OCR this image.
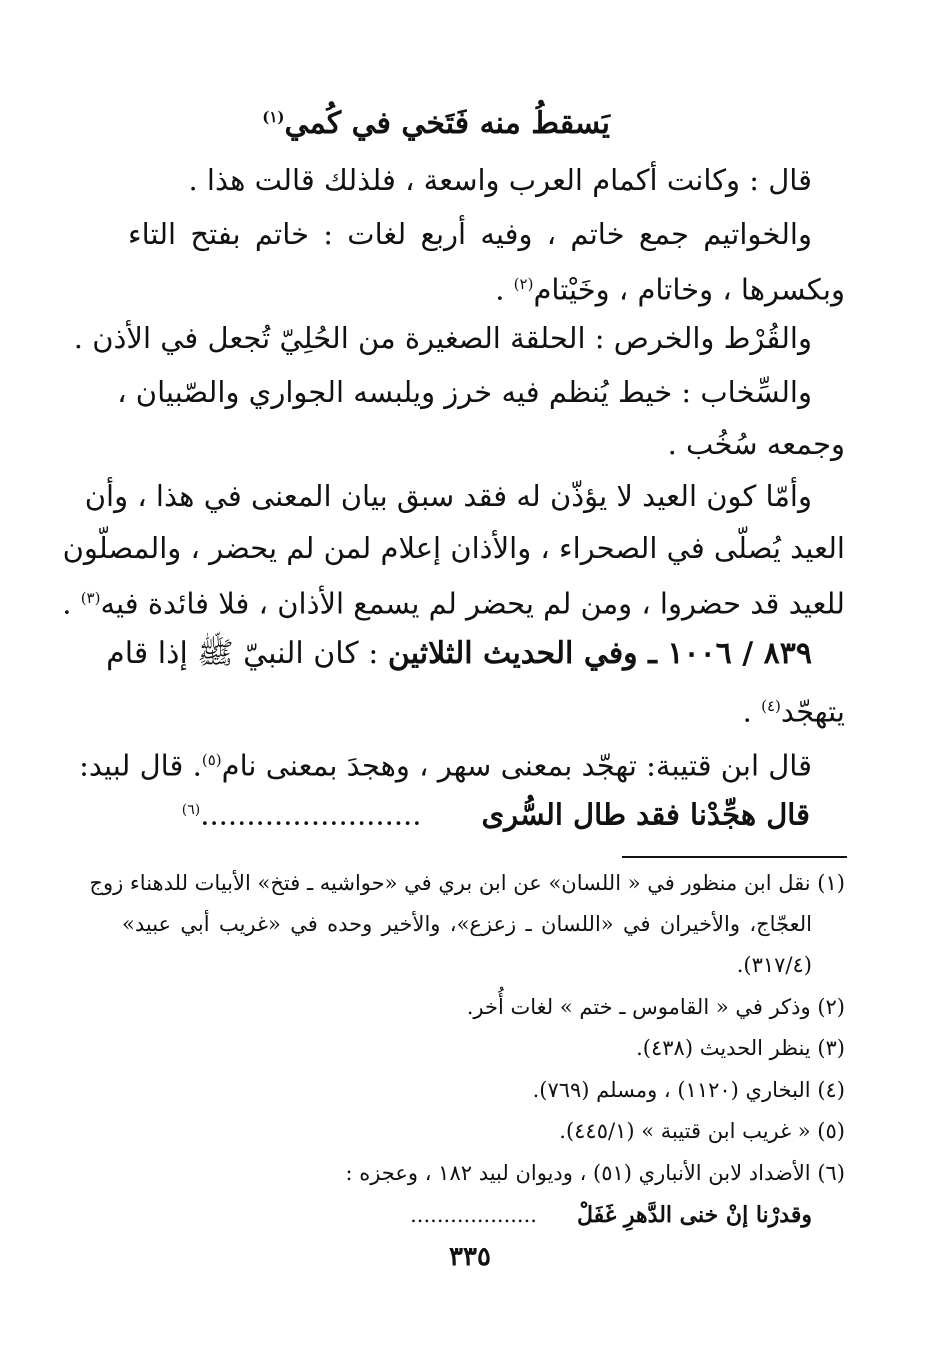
يَسقطُ منه فَتَخي في كُمي$^{(١)}$
قال : وكانت أكمام العرب واسعة ، فلذلك قالت هذا .
والخواتيم جمع خاتم ، وفيه أربع لغات : خاتم بفتح التاء
وبكسرها ، وخاتام ، وخَيْتام$^{(٢)}$ .
والقُرْط والخرص : الحلقة الصغيرة من الحُلِيّ تُجعل في الأذن .
والسِّخاب : خيط يُنظم فيه خرز ويلبسه الجواري والصّبيان ،
وجمعه سُخُب .
وأمّا كون العيد لا يؤذّن له فقد سبق بيان المعنى في هذا ، وأن
العيد يُصلّى في الصحراء ، والأذان إعلام لمن لم يحضر ، والمصلّون
للعيد قد حضروا ، ومن لم يحضر لم يسمع الأذان ، فلا فائدة فيه$^{(٣)}$ .
٨٣٩ / ١٠٠٦ ـ وفي الحديث الثلاثين : كان النبيّ ﷺ إذا قام
يتهجّد$^{(٤)}$ .
قال ابن قتيبة: تهجّد بمعنى سهر ، وهجدَ بمعنى نام$^{(٥)}$. قال لبيد:
قال هجِّدْنا فقد طال السُّرى........................$^{(٦)}$
(١) نقل ابن منظور في « اللسان» عن ابن بري في «حواشيه ـ فتخ» الأبيات للدهناء زوج
العجّاج، والأخيران في «اللسان ـ زعزع»، والأخير وحده في «غريب أبي عبيد»
(٣١٧/٤).
(٢) وذكر في « القاموس ـ ختم » لغات أُخر.
(٣) ينظر الحديث (٤٣٨).
(٤) البخاري (١١٢٠) ، ومسلم (٧٦٩).
(٥) « غريب ابن قتيبة » (٤٤٥/١).
(٦) الأضداد لابن الأنباري (٥١) ، وديوان لبيد ١٨٢ ، وعجزه :
وقدرْنا إنْ خنى الدَّهرِ غَفَلْ...................
٣٣٥
